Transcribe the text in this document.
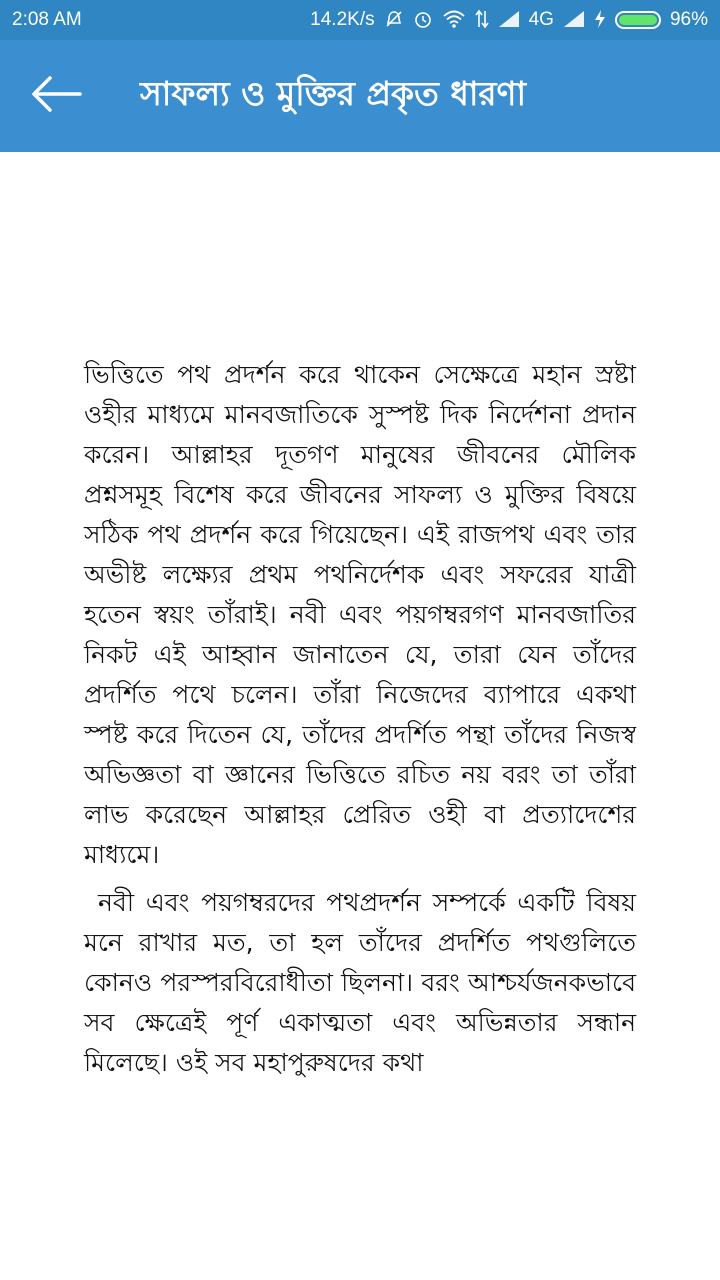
2:08 AM	14.2K/s	4G	96%
সাফল্য ও মুক্তির প্রকৃত ধারণা

ভিত্তিতে পথ প্রদর্শন করে থাকেন সেক্ষেত্রে মহান স্রষ্টা ওহীর মাধ্যমে মানবজাতিকে সুস্পষ্ট দিক নির্দেশনা প্রদান করেন। আল্লাহর দূতগণ মানুষের জীবনের মৌলিক প্রশ্নসমূহ বিশেষ করে জীবনের সাফল্য ও মুক্তির বিষয়ে সঠিক পথ প্রদর্শন করে গিয়েছেন। এই রাজপথ এবং তার অভীষ্ট লক্ষ্যের প্রথম পথনির্দেশক এবং সফরের যাত্রী হতেন স্বয়ং তাঁরাই। নবী এবং পয়গম্বরগণ মানবজাতির নিকট এই আহ্বান জানাতেন যে, তারা যেন তাঁদের প্রদর্শিত পথে চলেন। তাঁরা নিজেদের ব্যাপারে একথা স্পষ্ট করে দিতেন যে, তাঁদের প্রদর্শিত পন্থা তাঁদের নিজস্ব অভিজ্ঞতা বা জ্ঞানের ভিত্তিতে রচিত নয় বরং তা তাঁরা লাভ করেছেন আল্লাহর প্রেরিত ওহী বা প্রত্যাদেশের মাধ্যমে।

নবী এবং পয়গম্বরদের পথপ্রদর্শন সম্পর্কে একটি বিষয় মনে রাখার মত, তা হল তাঁদের প্রদর্শিত পথগুলিতে কোনও পরস্পরবিরোধীতা ছিলনা। বরং আশ্চর্যজনকভাবে সব ক্ষেত্রেই পূর্ণ একাত্মতা এবং অভিন্নতার সন্ধান মিলেছে। ওই সব মহাপুরুষদের কথা
